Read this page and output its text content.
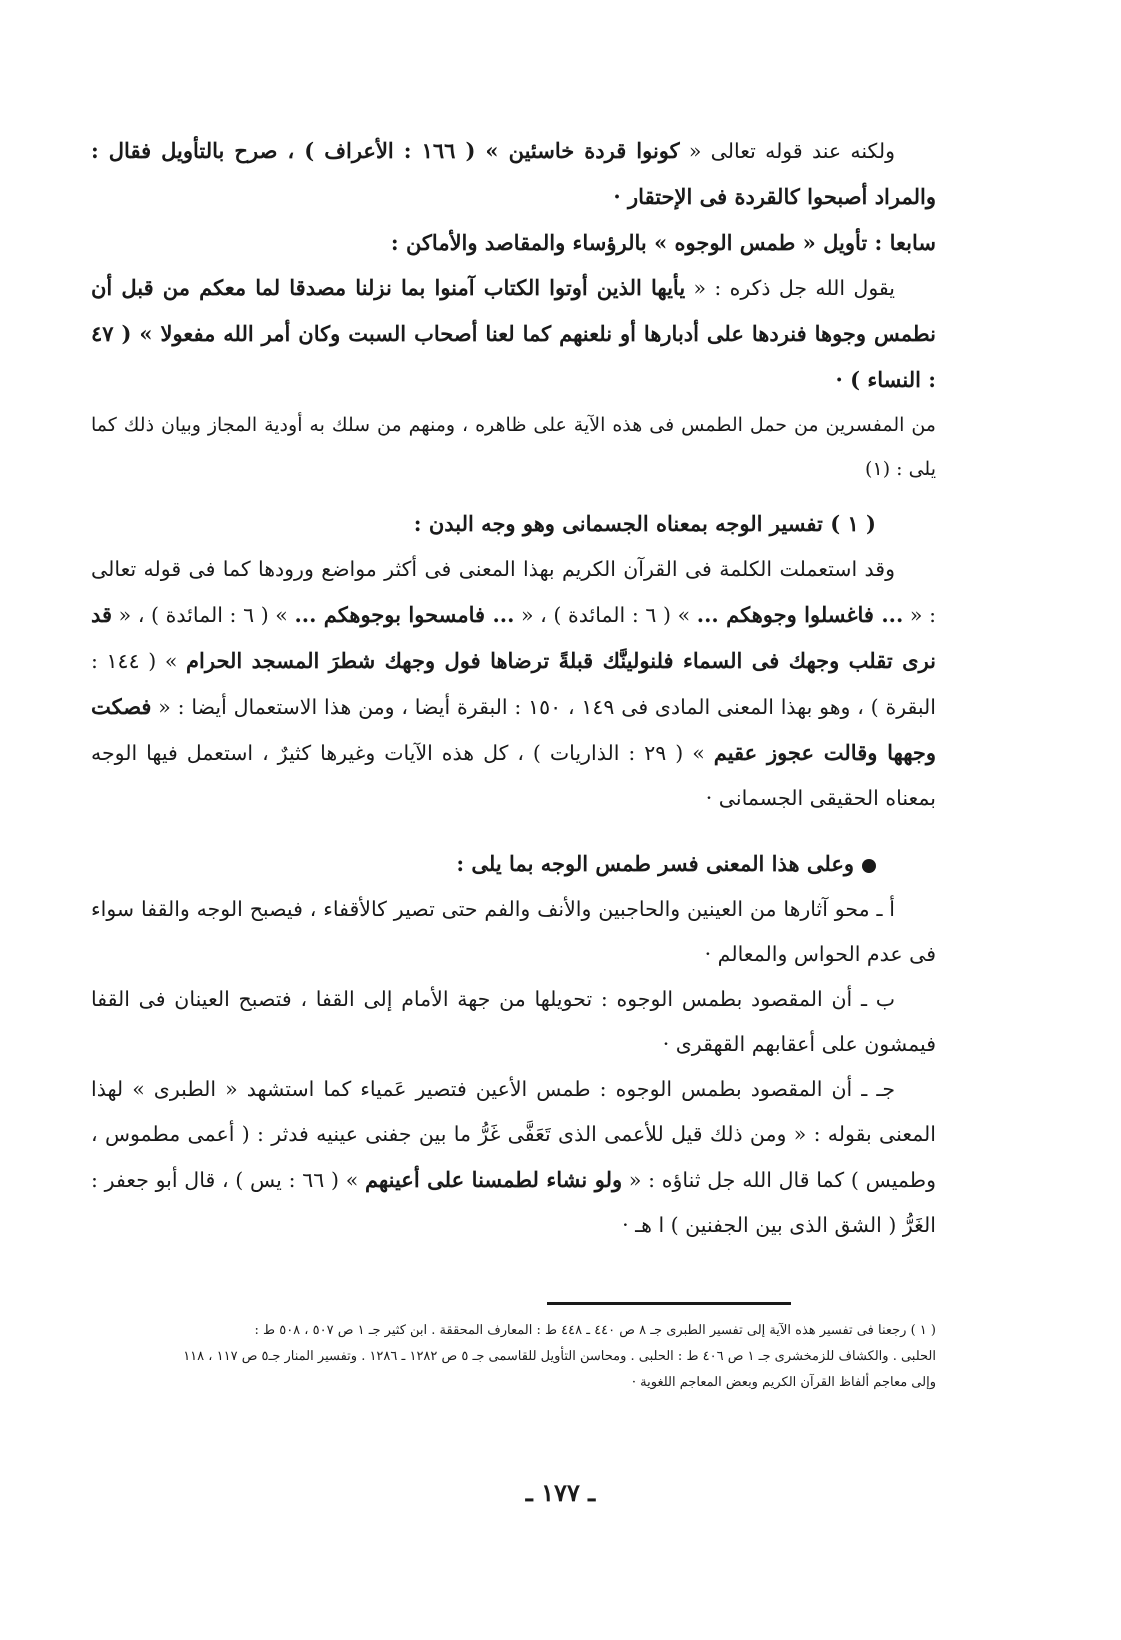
ولكنه عند قوله تعالى « كونوا قردة خاسئين » ( ١٦٦ : الأعراف ) ، صرح بالتأويل فقال : والمراد أصبحوا كالقردة فى الإحتقار ·

سابعا : تأويل « طمس الوجوه » بالرؤساء والمقاصد والأماكن :

يقول الله جل ذكره : « يأيها الذين أوتوا الكتاب آمنوا بما نزلنا مصدقا لما معكم من قبل أن نطمس وجوها فنردها على أدبارها أو نلعنهم كما لعنا أصحاب السبت وكان أمر الله مفعولا » ( ٤٧ : النساء ) ·

من المفسرين من حمل الطمس فى هذه الآية على ظاهره ، ومنهم من سلك به أودية المجاز وبيان ذلك كما يلى : (١)

( ١ ) تفسير الوجه بمعناه الجسمانى وهو وجه البدن :

وقد استعملت الكلمة فى القرآن الكريم بهذا المعنى فى أكثر مواضع ورودها كما فى قوله تعالى : « ... فاغسلوا وجوهكم ... » ( ٦ : المائدة ) ، « ... فامسحوا بوجوهكم ... » ( ٦ : المائدة ) ، « قد نرى تقلب وجهك فى السماء فلنولينَّك قبلةً ترضاها فول وجهك شطرَ المسجد الحرام » ( ١٤٤ : البقرة ) ، وهو بهذا المعنى المادى فى ١٤٩ ، ١٥٠ : البقرة أيضا ، ومن هذا الاستعمال أيضا : « فصكت وجهها وقالت عجوز عقيم » ( ٢٩ : الذاريات ) ، كل هذه الآيات وغيرها كثيرٌ ، استعمل فيها الوجه بمعناه الحقيقى الجسمانى ·

وعلى هذا المعنى فسر طمس الوجه بما يلى :

أ ـ محو آثارها من العينين والحاجبين والأنف والفم حتى تصير كالأقفاء ، فيصبح الوجه والقفا سواء فى عدم الحواس والمعالم ·

ب ـ أن المقصود بطمس الوجوه : تحويلها من جهة الأمام إلى القفا ، فتصبح العينان فى القفا فيمشون على أعقابهم القهقرى ·

جـ ـ أن المقصود بطمس الوجوه : طمس الأعين فتصير عَمياء كما استشهد « الطبرى » لهذا المعنى بقوله : « ومن ذلك قيل للأعمى الذى تَعَفَّى غَرُّ ما بين جفنى عينيه فدثر : ( أعمى مطموس ، وطميس ) كما قال الله جل ثناؤه : « ولو نشاء لطمسنا على أعينهم » ( ٦٦ : يس ) ، قال أبو جعفر : الغَرُّ ( الشق الذى بين الجفنين ) ا هـ ·

( ١ ) رجعنا فى تفسير هذه الآية إلى تفسير الطبرى جـ ٨ ص ٤٤٠ ـ ٤٤٨ ط : المعارف المحققة . ابن كثير جـ ١ ص ٥٠٧ ، ٥٠٨ ط :

الحلبى . والكشاف للزمخشرى جـ ١ ص ٤٠٦ ط : الحلبى . ومحاسن التأويل للقاسمى جـ ٥ ص ١٢٨٢ ـ ١٢٨٦ . وتفسير المنار جـ٥ ص ١١٧ ، ١١٨

وإلى معاجم ألفاظ القرآن الكريم وبعض المعاجم اللغوية ·

ـ ١٧٧ ـ
